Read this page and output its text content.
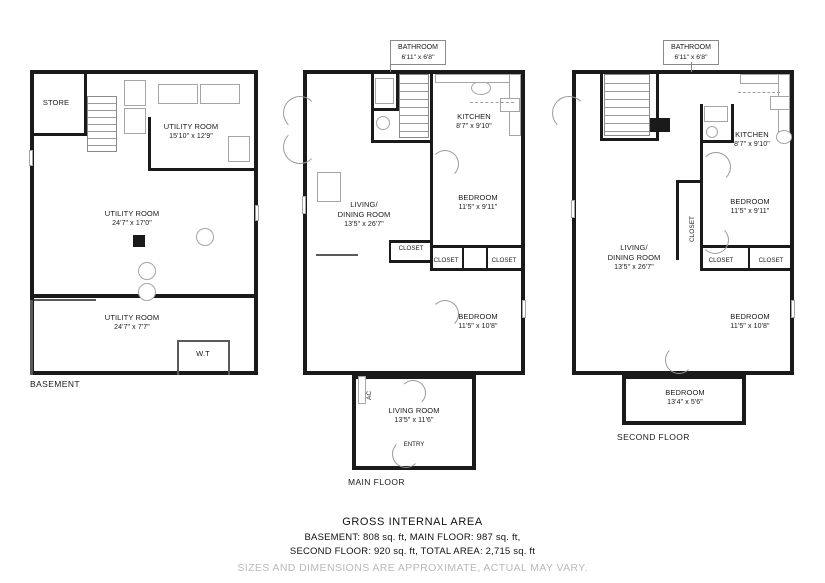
STORE
UTILITY ROOM
15'10" x 12'9"
UTILITY ROOM
24'7" x 17'0"
UTILITY ROOM
24'7" x 7'7"
W.T
BASEMENT
BATHROOM
6'11" x 6'8"
KITCHEN
8'7" x 9'10"
LIVING/
DINING ROOM
13'5" x 26'7"
BEDROOM
11'5" x 9'11"
BEDROOM
11'5" x 10'8"
LIVING ROOM
13'5" x 11'6"
ENTRY
AC
CLOSET
CLOSET	CLOSET
MAIN FLOOR
BATHROOM
6'11" x 6'8"
KITCHEN
8'7" x 9'10"
LIVING/
DINING ROOM
13'5" x 26'7"
BEDROOM
11'5" x 9'11"
BEDROOM
11'5" x 10'8"
BEDROOM
13'4" x 5'6"
CLOSET
CLOSET	CLOSET
SECOND FLOOR
GROSS INTERNAL AREA
BASEMENT: 808 sq. ft, MAIN FLOOR: 987 sq. ft,
SECOND FLOOR: 920 sq. ft, TOTAL AREA: 2,715 sq. ft
SIZES AND DIMENSIONS ARE APPROXIMATE, ACTUAL MAY VARY.
